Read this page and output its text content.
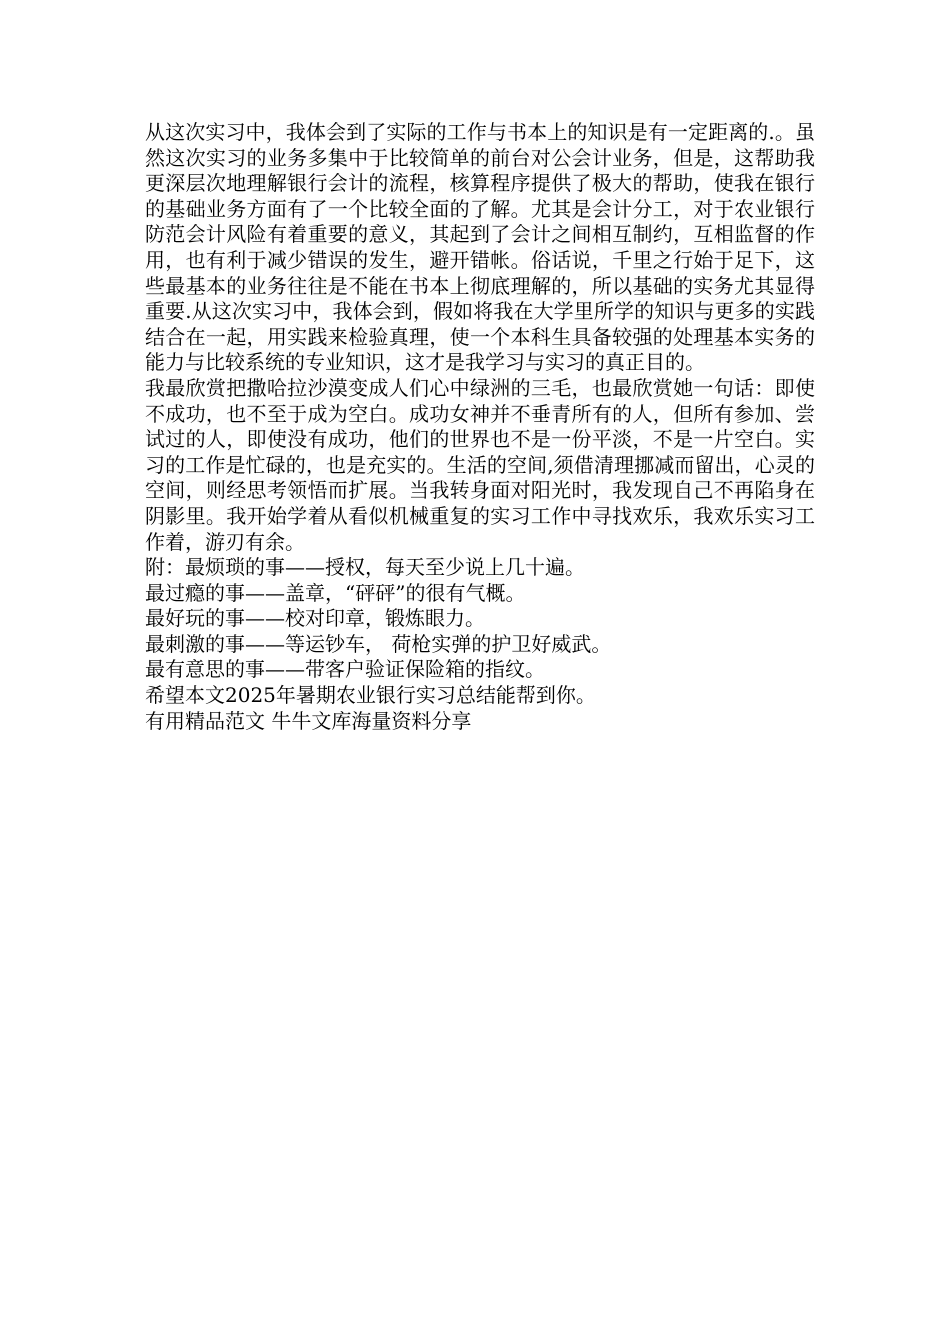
从这次实习中，我体会到了实际的工作与书本上的知识是有一定距离的.。虽然这次实习的业务多集中于比较简单的前台对公会计业务，但是，这帮助我更深层次地理解银行会计的流程，核算程序提供了极大的帮助，使我在银行的基础业务方面有了一个比较全面的了解。尤其是会计分工，对于农业银行防范会计风险有着重要的意义，其起到了会计之间相互制约，互相监督的作用，也有利于减少错误的发生，避开错帐。俗话说，千里之行始于足下，这些最基本的业务往往是不能在书本上彻底理解的，所以基础的实务尤其显得重要.从这次实习中，我体会到，假如将我在大学里所学的知识与更多的实践结合在一起，用实践来检验真理，使一个本科生具备较强的处理基本实务的能力与比较系统的专业知识，这才是我学习与实习的真正目的。

我最欣赏把撒哈拉沙漠变成人们心中绿洲的三毛，也最欣赏她一句话：即使不成功，也不至于成为空白。成功女神并不垂青所有的人，但所有参加、尝试过的人，即使没有成功，他们的世界也不是一份平淡，不是一片空白。实习的工作是忙碌的，也是充实的。生活的空间,须借清理挪减而留出，心灵的空间，则经思考领悟而扩展。当我转身面对阳光时，我发现自己不再陷身在阴影里。我开始学着从看似机械重复的实习工作中寻找欢乐，我欢乐实习工作着，游刃有余。

附：最烦琐的事——授权，每天至少说上几十遍。

最过瘾的事——盖章，“砰砰”的很有气概。

最好玩的事——校对印章，锻炼眼力。

最刺激的事——等运钞车， 荷枪实弹的护卫好威武。

最有意思的事——带客户验证保险箱的指纹。

希望本文2025年暑期农业银行实习总结能帮到你。

有用精品范文 牛牛文库海量资料分享
